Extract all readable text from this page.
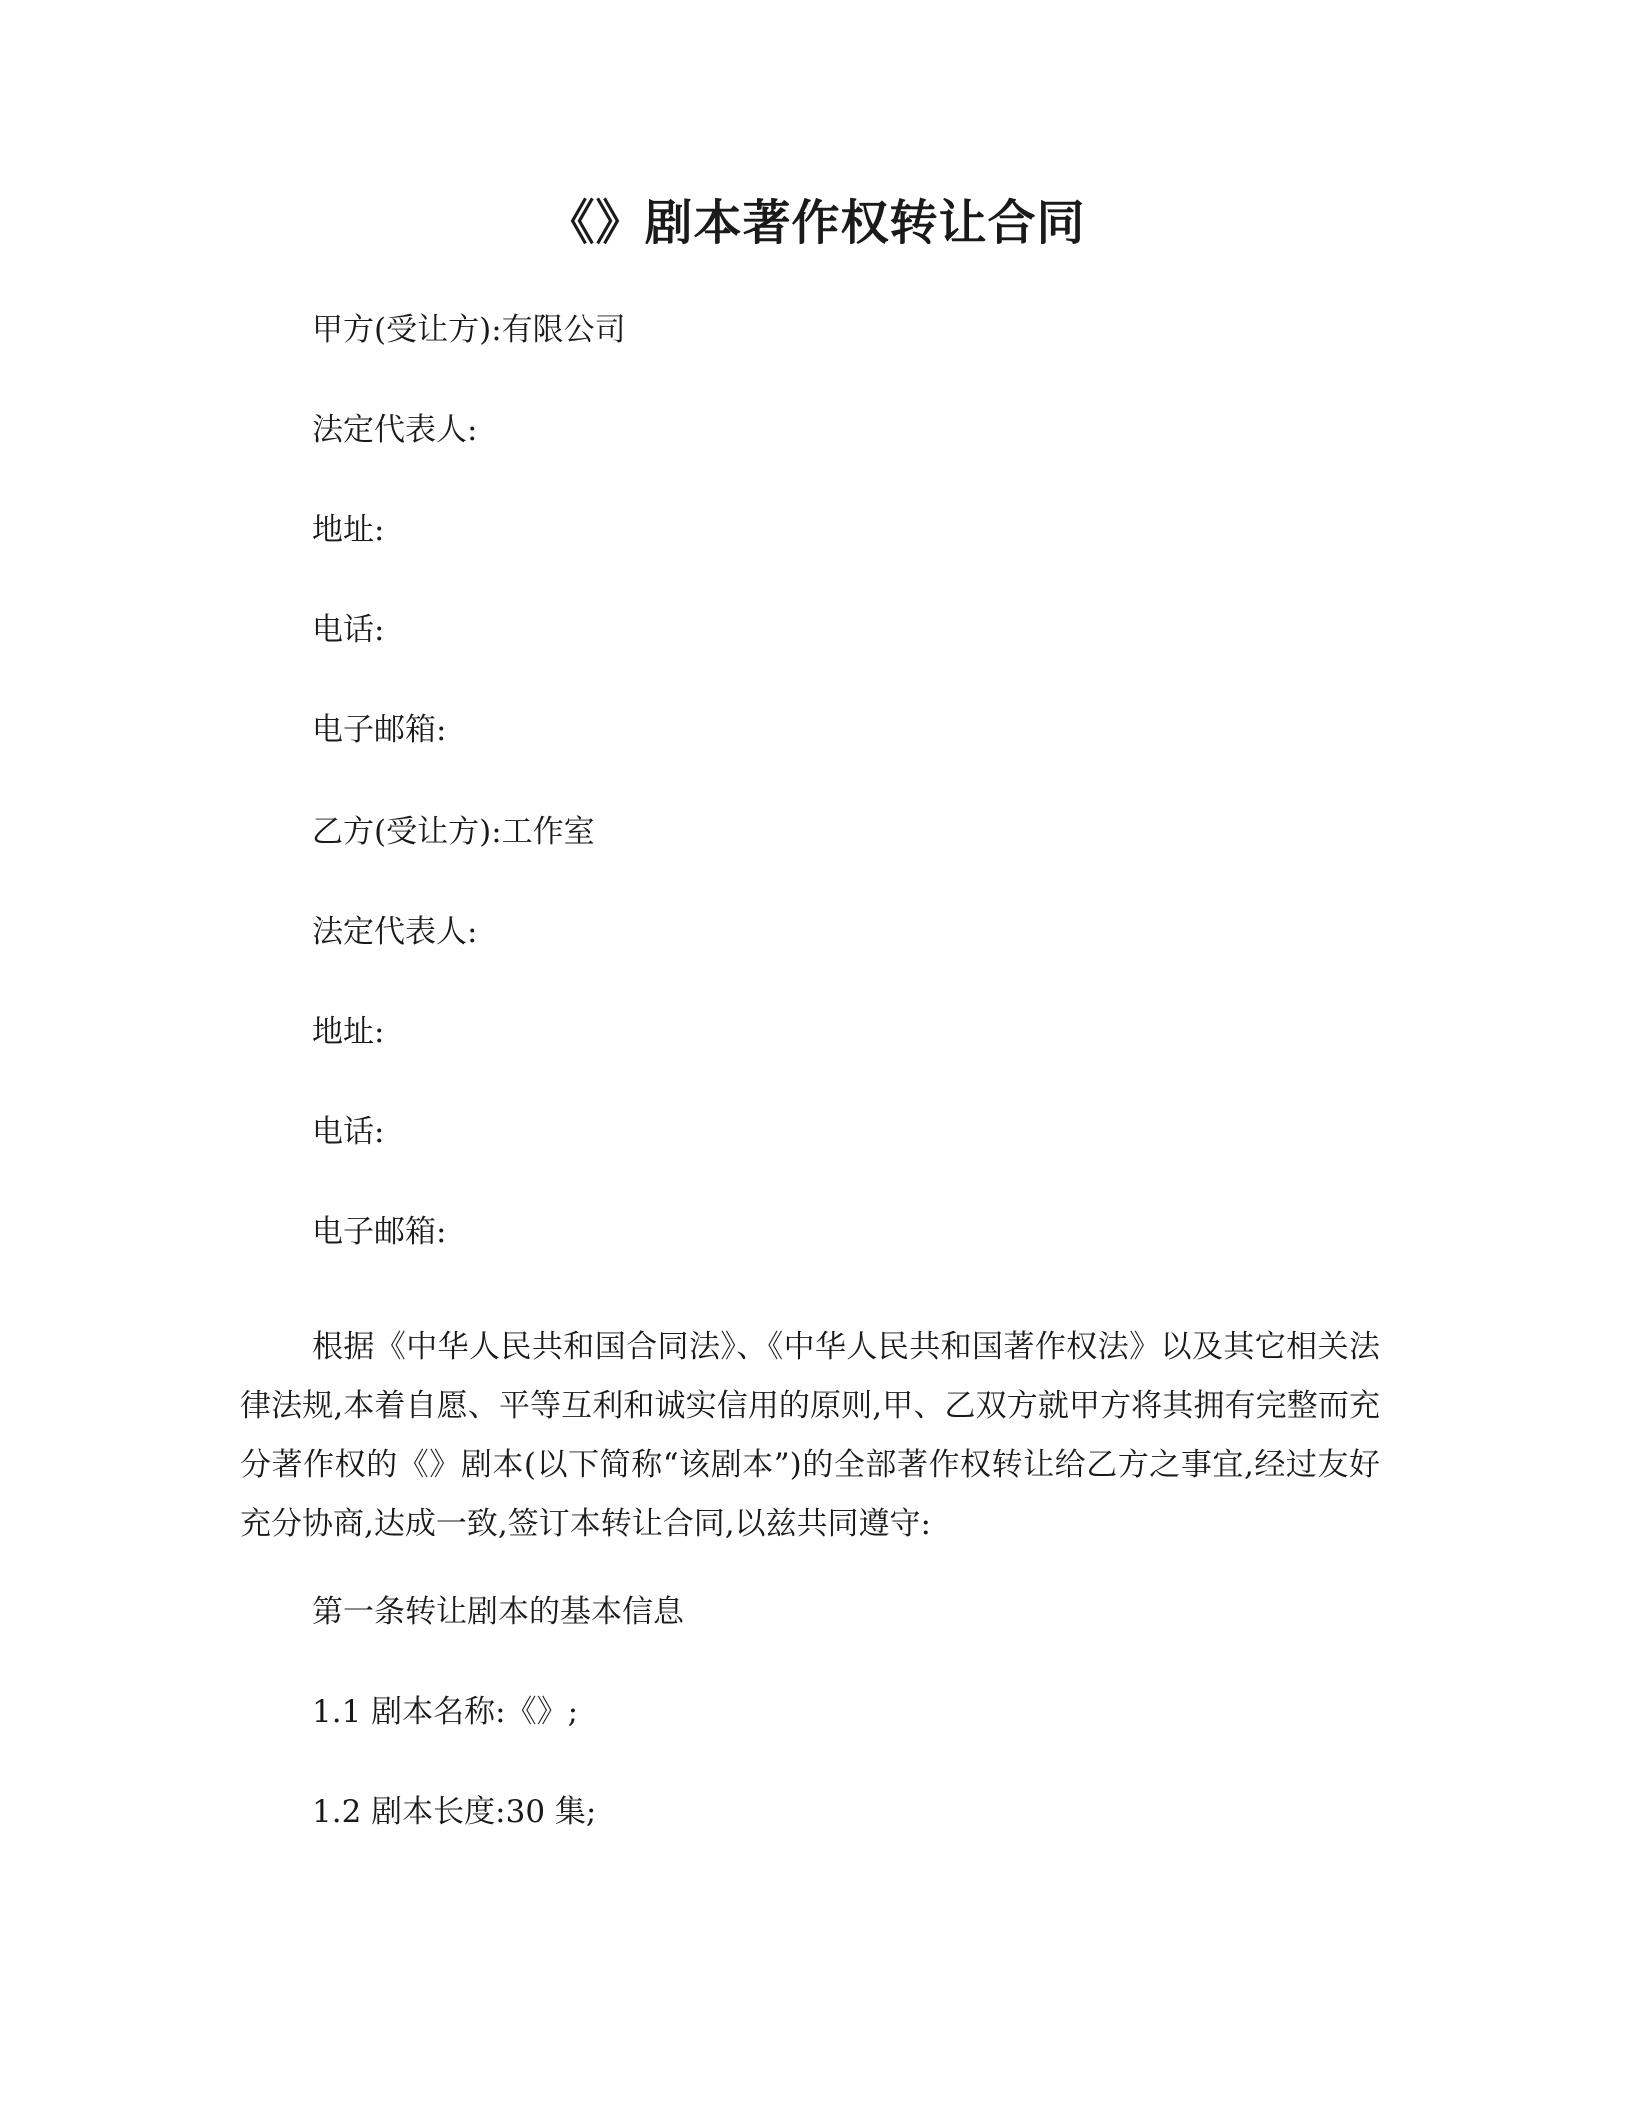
《》剧本著作权转让合同

甲方(受让方):有限公司

法定代表人:

地址:

电话:

电子邮箱:

乙方(受让方):工作室

法定代表人:

地址:

电话:

电子邮箱:

根据《中华人民共和国合同法》、《中华人民共和国著作权法》以及其它相关法律法规,本着自愿、平等互利和诚实信用的原则,甲、乙双方就甲方将其拥有完整而充分著作权的《》剧本(以下简称“该剧本”)的全部著作权转让给乙方之事宜,经过友好充分协商,达成一致,签订本转让合同,以兹共同遵守:

第一条转让剧本的基本信息

1.1 剧本名称:《》;

1.2 剧本长度:30 集;
